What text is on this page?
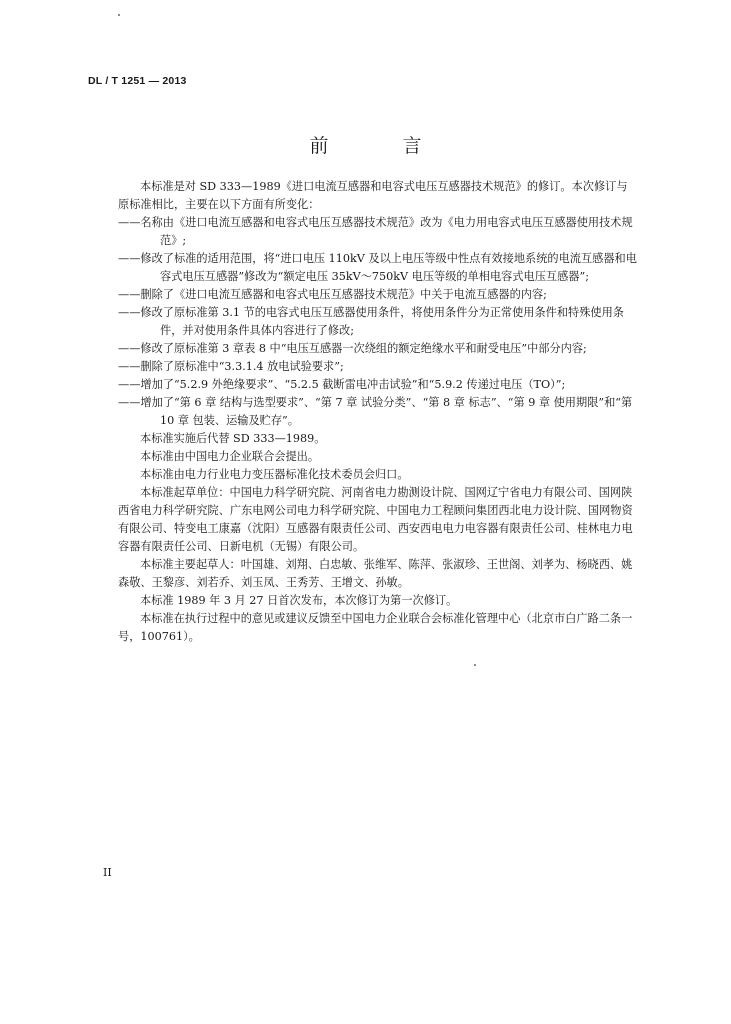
DL / T 1251 — 2013
前 言

本标准是对 SD 333—1989《进口电流互感器和电容式电压互感器技术规范》的修订。本次修订与原标准相比，主要在以下方面有所变化：

——名称由《进口电流互感器和电容式电压互感器技术规范》改为《电力用电容式电压互感器使用技术规范》;

——修改了标准的适用范围，将“进口电压 110kV 及以上电压等级中性点有效接地系统的电流互感器和电容式电压互感器”修改为“额定电压 35kV～750kV 电压等级的单相电容式电压互感器”;

——删除了《进口电流互感器和电容式电压互感器技术规范》中关于电流互感器的内容;

——修改了原标准第 3.1 节的电容式电压互感器使用条件，将使用条件分为正常使用条件和特殊使用条件，并对使用条件具体内容进行了修改;

——修改了原标准第 3 章表 8 中“电压互感器一次绕组的额定绝缘水平和耐受电压”中部分内容;

——删除了原标准中“3.3.1.4 放电试验要求”;

——增加了“5.2.9 外绝缘要求”、“5.2.5 截断雷电冲击试验”和“5.9.2 传递过电压（TO）”;

——增加了“第 6 章 结构与选型要求”、“第 7 章 试验分类”、“第 8 章 标志”、“第 9 章 使用期限”和“第 10 章 包装、运输及贮存”。

本标准实施后代替 SD 333—1989。

本标准由中国电力企业联合会提出。

本标准由电力行业电力变压器标准化技术委员会归口。

本标准起草单位：中国电力科学研究院、河南省电力勘测设计院、国网辽宁省电力有限公司、国网陕西省电力科学研究院、广东电网公司电力科学研究院、中国电力工程顾问集团西北电力设计院、国网物资有限公司、特变电工康嘉（沈阳）互感器有限责任公司、西安西电电力电容器有限责任公司、桂林电力电容器有限责任公司、日新电机（无锡）有限公司。

本标准主要起草人：叶国雄、刘翔、白忠敏、张维军、陈萍、张淑珍、王世阁、刘孝为、杨晓西、姚森敬、王黎彦、刘若乔、刘玉凤、王秀芳、王增文、孙敏。

本标准 1989 年 3 月 27 日首次发布，本次修订为第一次修订。

本标准在执行过程中的意见或建议反馈至中国电力企业联合会标准化管理中心（北京市白广路二条一号，100761）。

II
